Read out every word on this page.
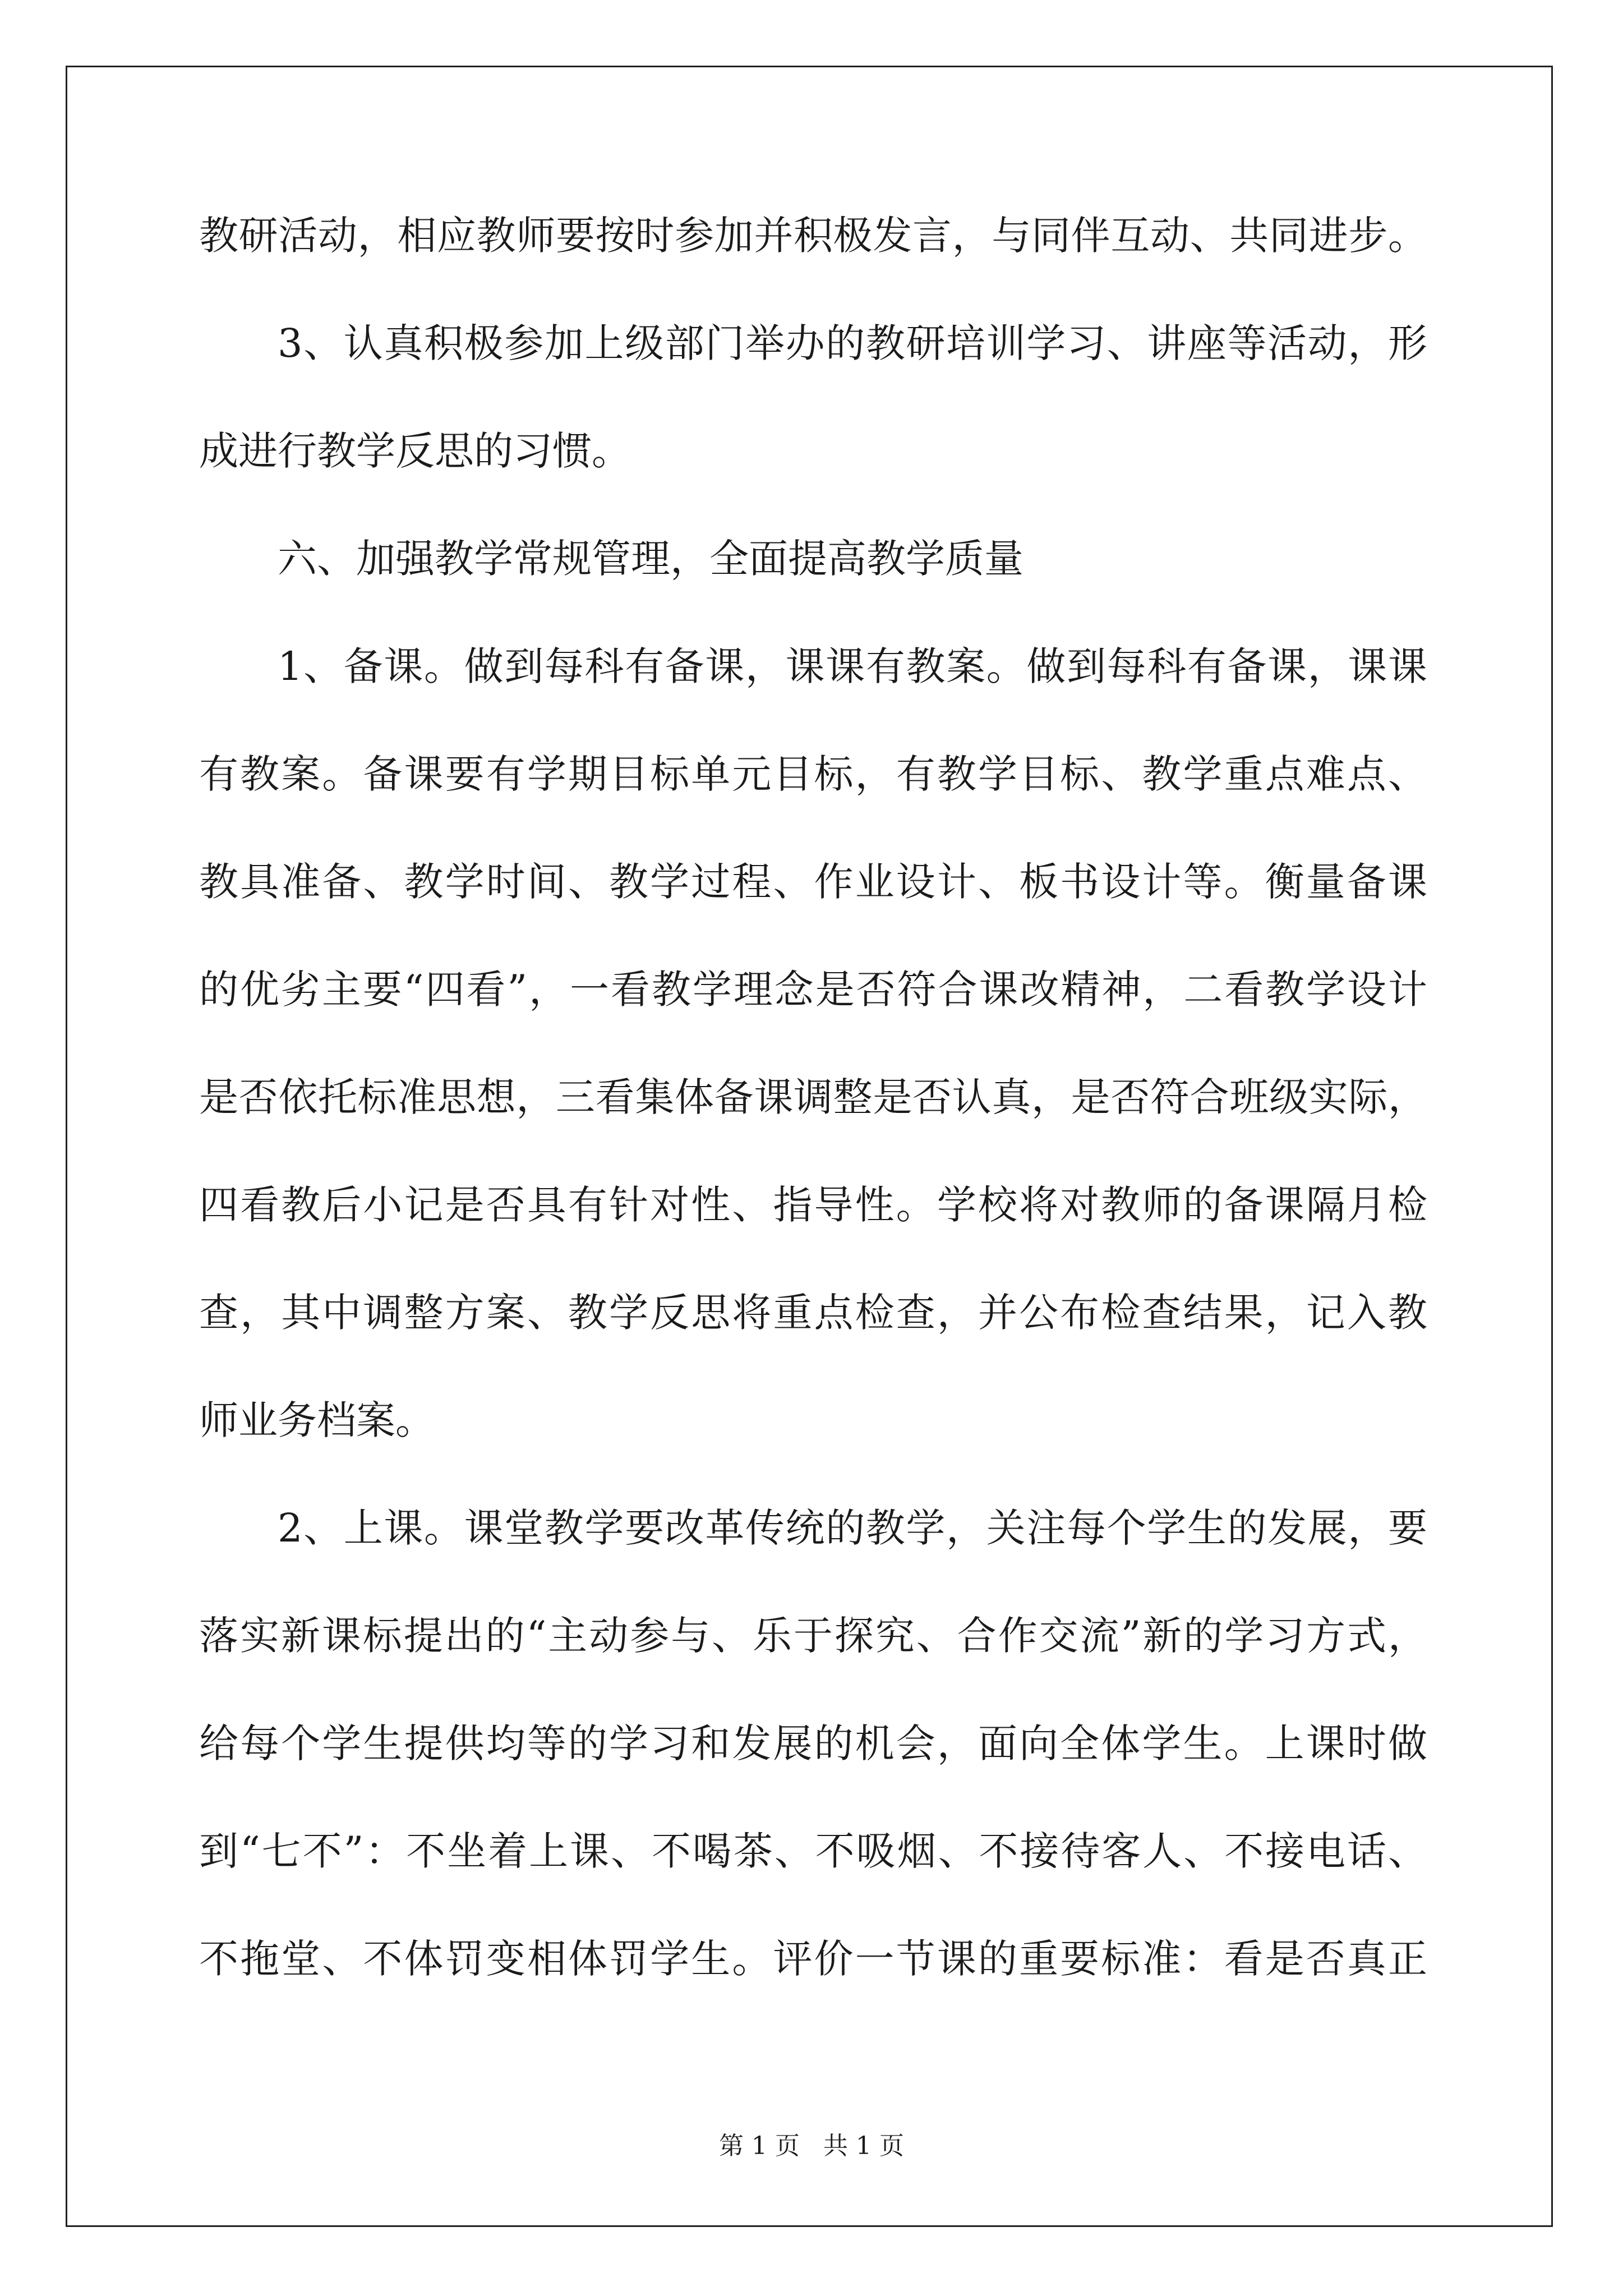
教研活动，相应教师要按时参加并积极发言，与同伴互动、共同进步。
3、认真积极参加上级部门举办的教研培训学习、讲座等活动，形
成进行教学反思的习惯。
六、加强教学常规管理，全面提高教学质量
1、备课。做到每科有备课，课课有教案。做到每科有备课，课课
有教案。备课要有学期目标单元目标，有教学目标、教学重点难点、
教具准备、教学时间、教学过程、作业设计、板书设计等。衡量备课
的优劣主要“四看”，一看教学理念是否符合课改精神，二看教学设计
是否依托标准思想，三看集体备课调整是否认真，是否符合班级实际，
四看教后小记是否具有针对性、指导性。学校将对教师的备课隔月检
查，其中调整方案、教学反思将重点检查，并公布检查结果，记入教
师业务档案。
2、上课。课堂教学要改革传统的教学，关注每个学生的发展，要
落实新课标提出的“主动参与、乐于探究、合作交流”新的学习方式，
给每个学生提供均等的学习和发展的机会，面向全体学生。上课时做
到“七不”：不坐着上课、不喝茶、不吸烟、不接待客人、不接电话、
不拖堂、不体罚变相体罚学生。评价一节课的重要标准：看是否真正
第 1 页   共 1 页
